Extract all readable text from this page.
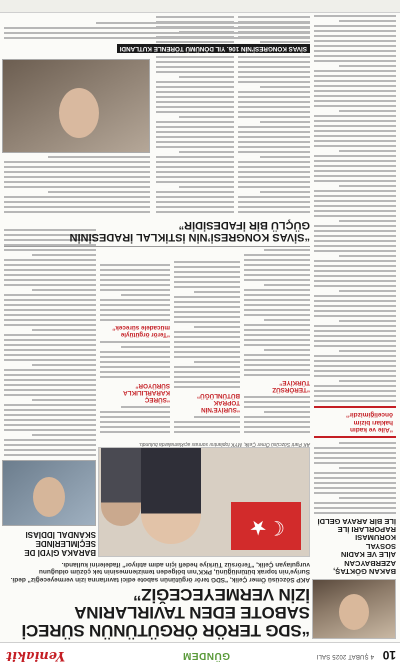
10
4 ŞUBAT 2025 SALI
GÜNDEM
Yeniakit
BAKAN GÖKTAŞ, AZERBAYCAN
AİLE VE KADIN SOSYAL
KORUMASI RAPORLARI İLE
İLE BİR ARAYA GELDİ
“Aile ve kadın
hakları bizim
önceliğimizdir”
“SDG TERÖR ÖRGÜTÜNÜN SÜRECİ
SABOTE EDEN TAVIRLARINA
İZİN VERMEYECEĞİZ”
AKP Sözcüsü Ömer Çelik, "SDG terör örgütünün sabote edici tavırlarına izin vermeyeceğiz" dedi. Suriye'nin toprak bütünlüğünü, PKK'nın bölgeden temizlenmesinin tek çözüm olduğunu vurgulayan Çelik, "Terörsüz Türkiye hedefi için adım atılıyor" ifadelerini kullandı.
☾★
AK Parti Sözcüsü Ömer Çelik, MYK toplantısı sonrası açıklamalarda bulundu.
“TERÖRSÜZ TÜRKİYE”
“SURİYE'NİN TOPRAK BÜTÜNLÜĞÜ”
“SÜREÇ KARARLILIKLA SÜRÜYOR”
“Terör örgütüyle mücadele sürecek”
BARAKA GİYDİ DE
SEÇİMLERİNDE
SKANDAL İDDİASI
“SİVAS KONGRESİ’NİN İSTİKLAL İRADESİNİN
GÜÇLÜ BİR İFADESİDİR”
SİVAS KONGRESİ'NİN 106. YIL DÖNÜMÜ TÖRENLE KUTLANDI
